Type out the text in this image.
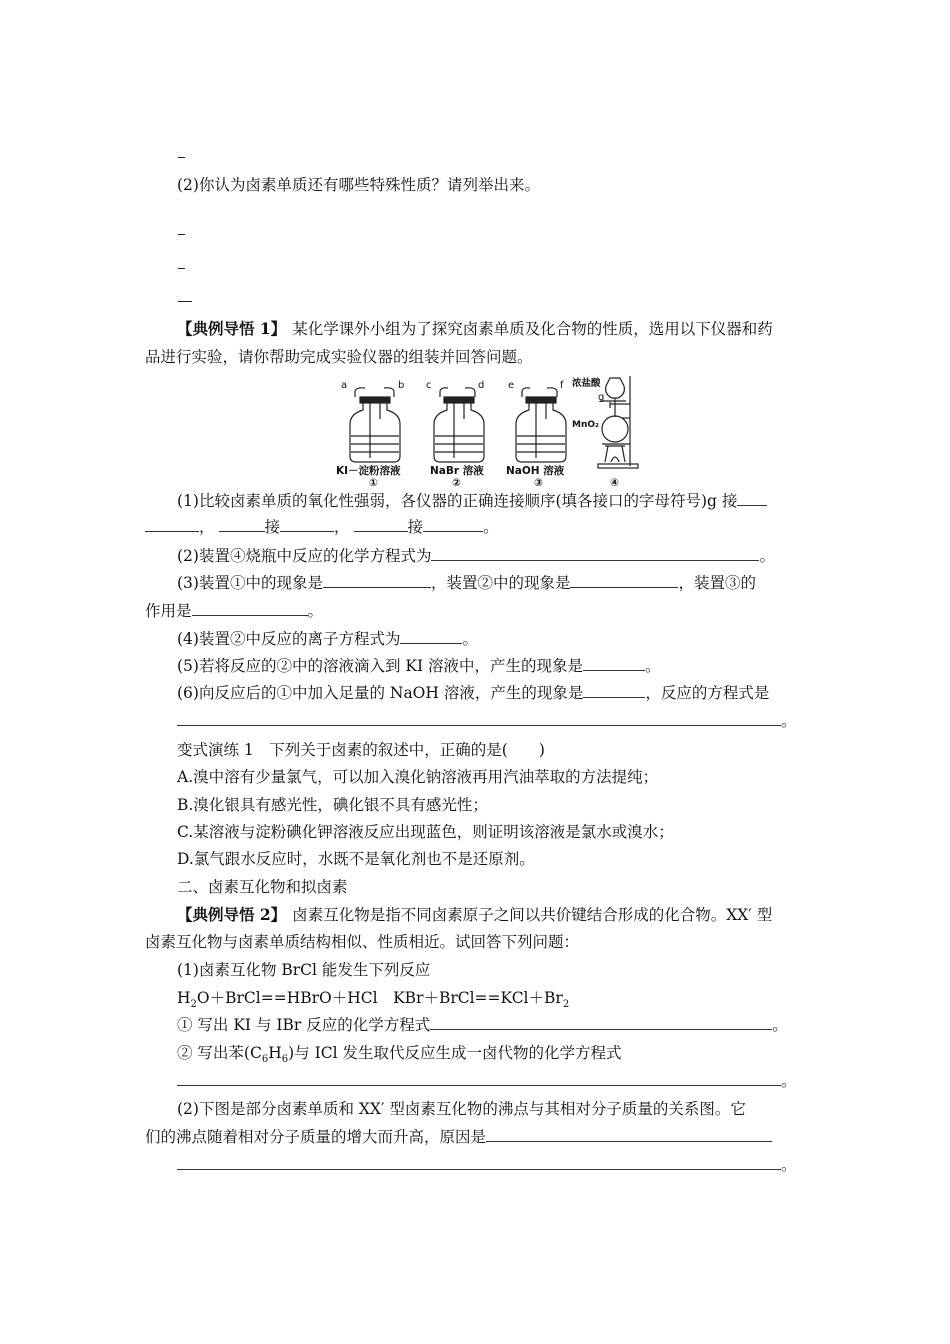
(2)你认为卤素单质还有哪些特殊性质？请列举出来。
【典例导悟 1】 某化学课外小组为了探究卤素单质及化合物的性质，选用以下仪器和药
品进行实验，请你帮助完成实验仪器的组装并回答问题。
a	b c	d e	f
g
浓盐酸
MnO₂
KI－淀粉溶液	NaBr 溶液 NaOH 溶液
①	②	③	④
(1)比较卤素单质的氧化性强弱，各仪器的正确连接顺序(填各接口的字母符号)g 接
，	接	，	接	。
(2)装置④烧瓶中反应的化学方程式为	。
(3)装置①中的现象是	，装置②中的现象是	，装置③的
作用是	。
(4)装置②中反应的离子方程式为	。
(5)若将反应的②中的溶液滴入到 KI 溶液中，产生的现象是	。
(6)向反应后的①中加入足量的 NaOH 溶液，产生的现象是	，反应的方程式是
。
变式演练 1　下列关于卤素的叙述中，正确的是(　　)
A.溴中溶有少量氯气，可以加入溴化钠溶液再用汽油萃取的方法提纯；
B.溴化银具有感光性，碘化银不具有感光性；
C.某溶液与淀粉碘化钾溶液反应出现蓝色，则证明该溶液是氯水或溴水；
D.氯气跟水反应时，水既不是氧化剂也不是还原剂。
二、卤素互化物和拟卤素
【典例导悟 2】 卤素互化物是指不同卤素原子之间以共价键结合形成的化合物。XX′ 型
卤素互化物与卤素单质结构相似、性质相近。试回答下列问题：
(1)卤素互化物 BrCl 能发生下列反应
$H_2O+BrCl==HBrO+HCl$　$KBr+BrCl==KCl+Br_2$
① 写出 KI 与 IBr 反应的化学方程式	。
② 写出苯$(C_6H_6)$与 ICl 发生取代反应生成一卤代物的化学方程式
。
(2)下图是部分卤素单质和 XX′ 型卤素互化物的沸点与其相对分子质量的关系图。它
们的沸点随着相对分子质量的增大而升高，原因是
。
